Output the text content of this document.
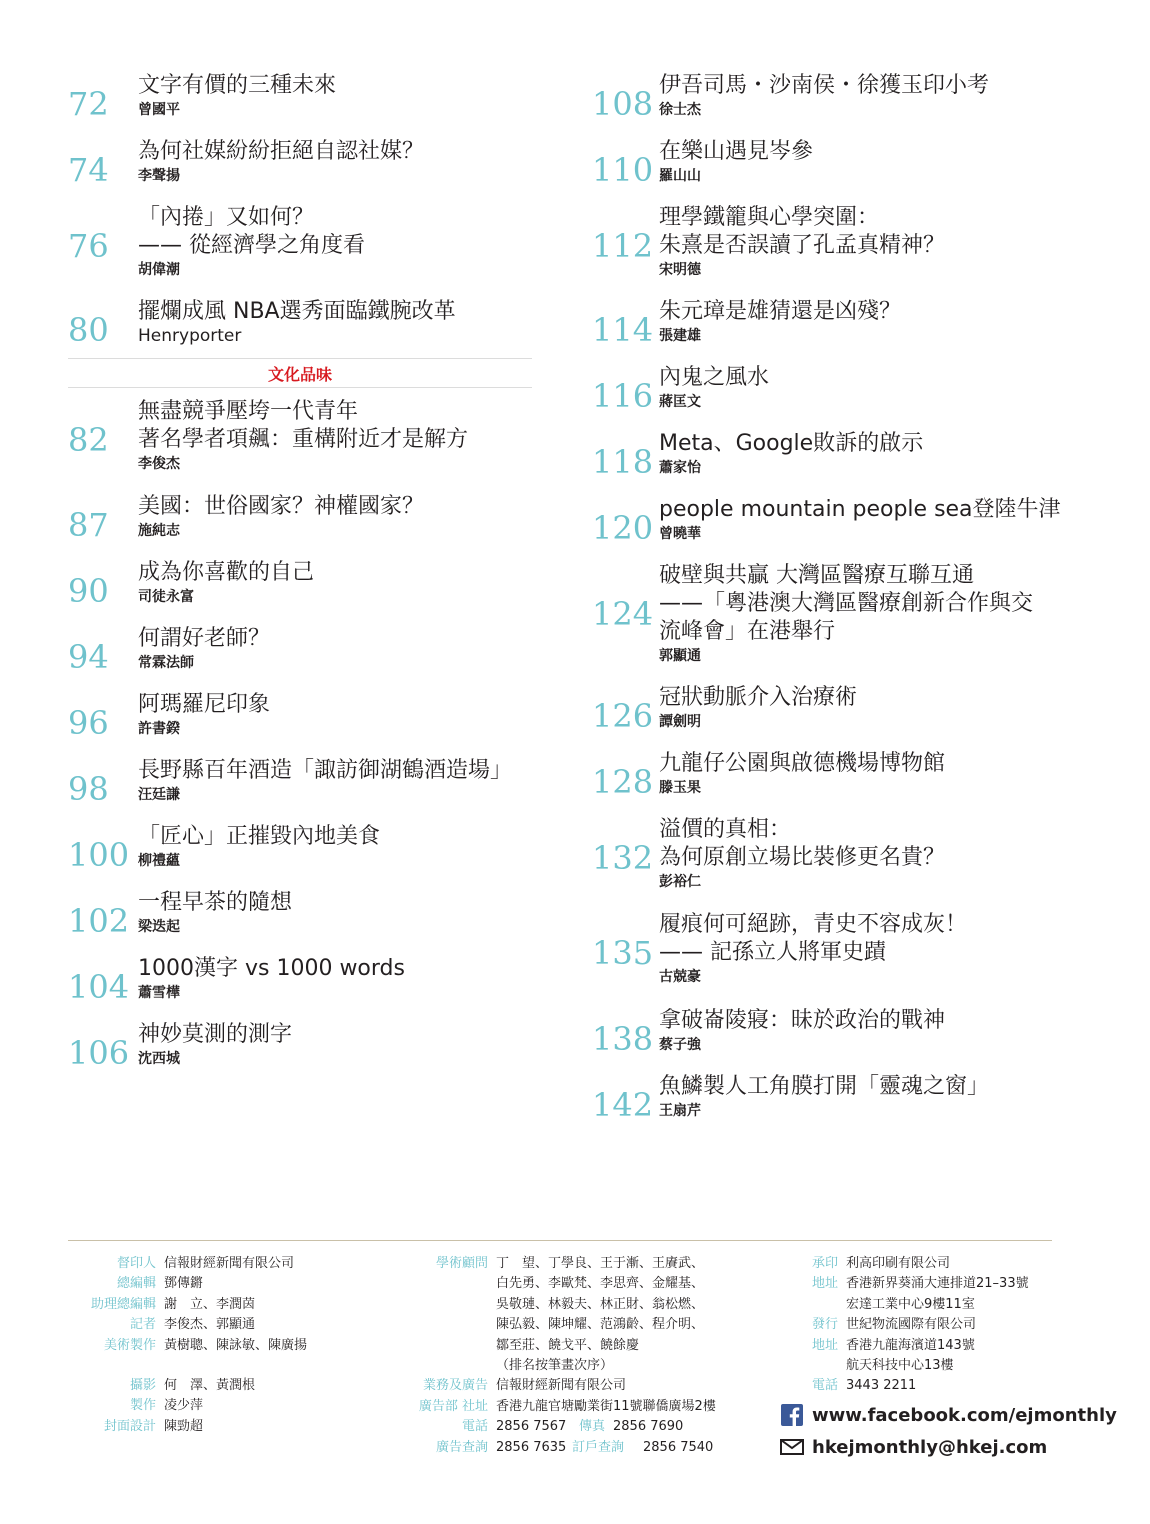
72 文字有價的三種未來
曾國平
74 為何社媒紛紛拒絕自認社媒？
李聲揚
76
「內捲」又如何？
—— 從經濟學之角度看
胡偉潮
80 擺爛成風 NBA選秀面臨鐵腕改革
Henryporter
文化品味
82
無盡競爭壓垮一代青年
著名學者項飆：重構附近才是解方
李俊杰
87 美國：世俗國家？神權國家？
施純志
90 成為你喜歡的自己
司徒永富
94 何謂好老師？
常霖法師
96 阿瑪羅尼印象
許書鍨
98 長野縣百年酒造「諏訪御湖鶴酒造場」
汪廷謙
100 「匠心」正摧毀內地美食
柳禮蘊
102 一程早茶的隨想
梁迭起
104 1000漢字 vs 1000 words
蕭雪樺
106 神妙莫測的測字
沈西城
108 伊吾司馬・沙南侯・徐獲玉印小考
徐士杰
110 在樂山遇見岑參
羅山山
112
理學鐵籠與心學突圍：
朱熹是否誤讀了孔孟真精神？
宋明德
114 朱元璋是雄猜還是凶殘？
張建雄
116 內鬼之風水
蔣匡文
118 Meta、Google敗訴的啟示
蕭家怡
120 people mountain people sea登陸牛津
曾曉華
124
破壁與共贏 大灣區醫療互聯互通
——「粵港澳大灣區醫療創新合作與交
流峰會」在港舉行
郭顯通
126 冠狀動脈介入治療術
譚劍明
128 九龍仔公園與啟德機場博物館
滕玉果
132
溢價的真相：
為何原創立場比裝修更名貴？
彭裕仁
135
履痕何可絕跡，青史不容成灰！
—— 記孫立人將軍史蹟
古兢豪
138 拿破崙陵寢：昧於政治的戰神
蔡子強
142 魚鱗製人工角膜打開「靈魂之窗」
王扇芹
督印人 信報財經新聞有限公司
總編輯 鄧傳鏘
助理總編輯 謝　立、李潤茵
記者 李俊杰、郭顯通
美術製作 黃樹聰、陳詠敏、陳廣揚
攝影 何　澤、黃潤根
製作 凌少萍
封面設計 陳勁超
學術顧問 丁　望、丁學良、王于漸、王賡武、
白先勇、李歐梵、李思齊、金耀基、
吳敬璉、林毅夫、林正財、翁松燃、
陳弘毅、陳坤耀、范鴻齡、程介明、
鄒至莊、饒戈平、饒餘慶
（排名按筆畫次序）
業務及廣告 信報財經新聞有限公司
廣告部 社址 香港九龍官塘勵業街11號聯僑廣場2樓
電話 2856 7567 傳真 2856 7690
廣告查詢 2856 7635 訂戶查詢	2856 7540
承印 利高印刷有限公司
地址 香港新界葵涌大連排道21–33號
宏達工業中心9樓11室
發行 世紀物流國際有限公司
地址 香港九龍海濱道143號
航天科技中心13樓
電話 3443 2211
www.facebook.com/ejmonthly
hkejmonthly@hkej.com
